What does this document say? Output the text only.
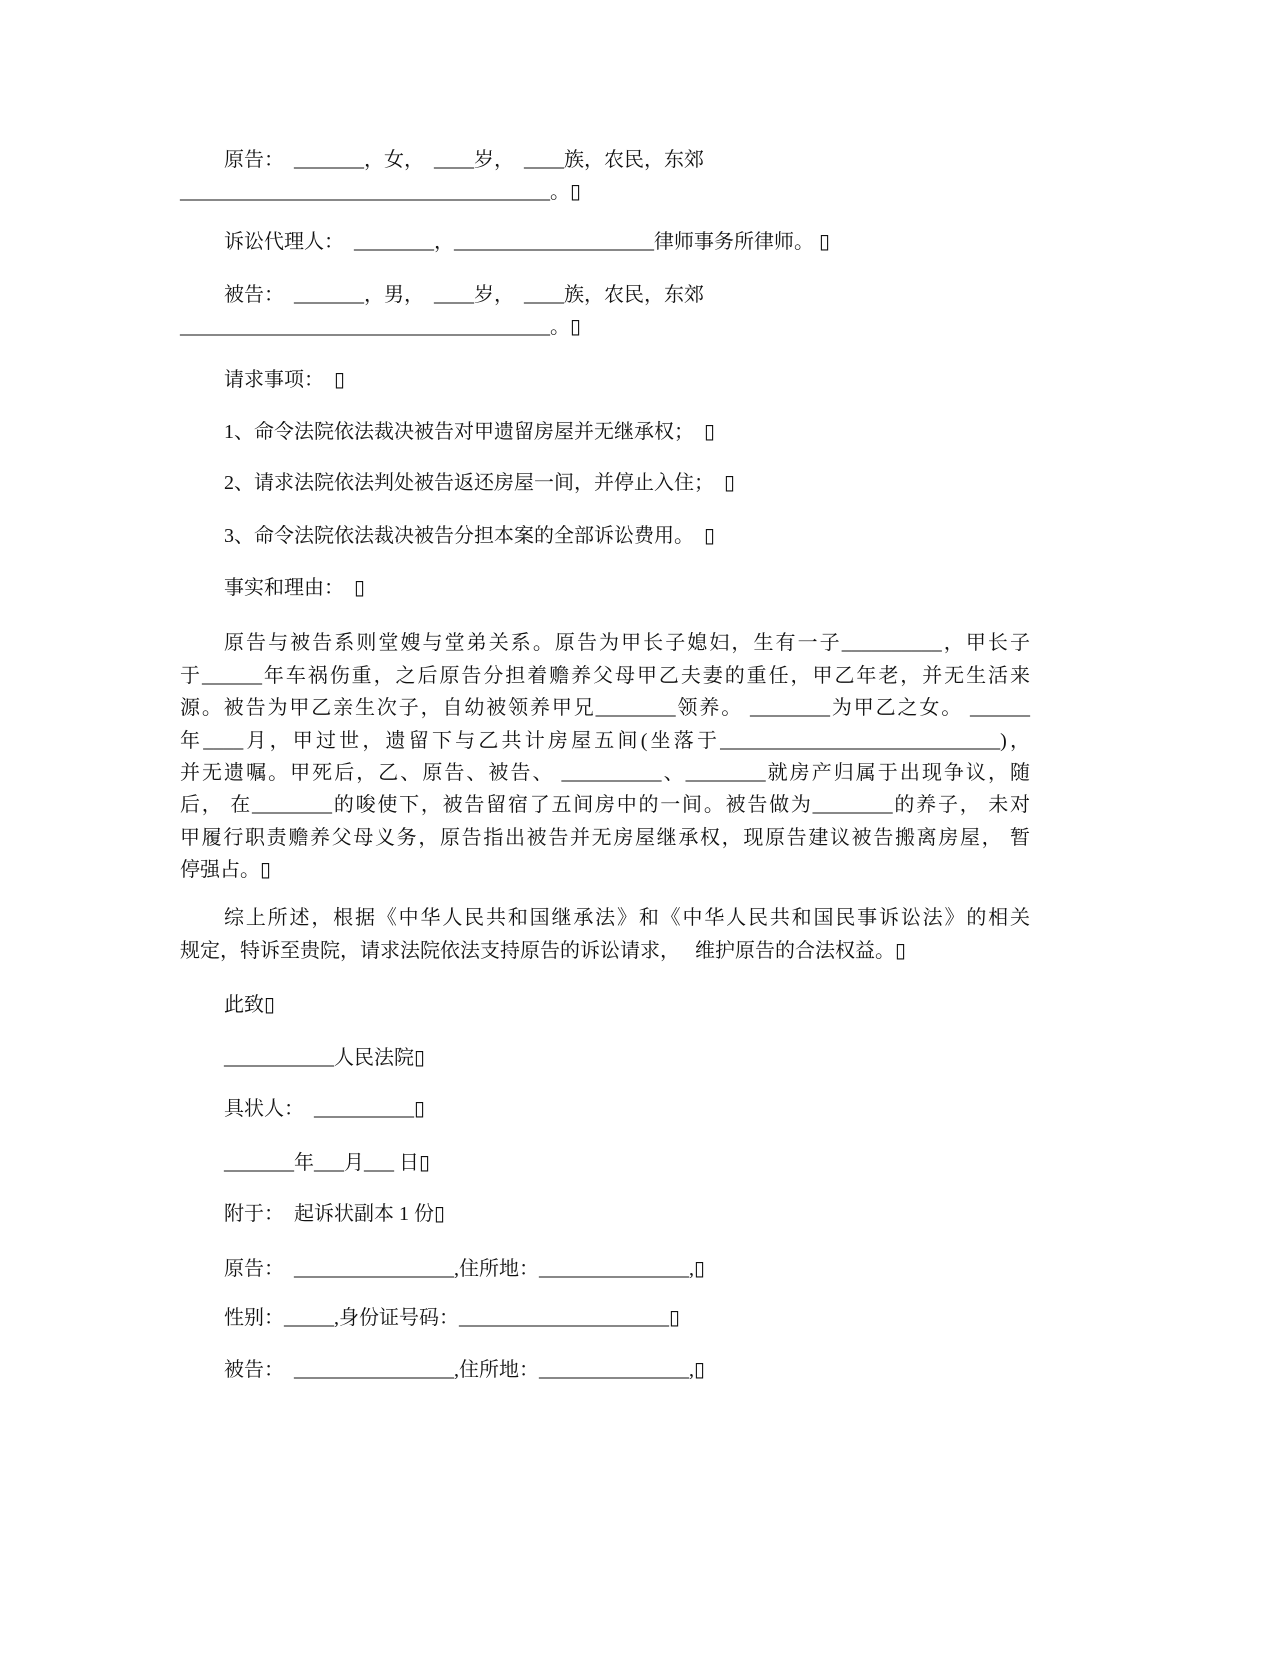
原告：　_______，女，　____岁，　____族，农民，东郊
_____________________________________。▯
诉讼代理人：　________，____________________律师事务所律师。 ▯
被告：　_______，男，　____岁，　____族，农民，东郊
_____________________________________。▯
请求事项：  ▯
1、命令法院依法裁决被告对甲遗留房屋并无继承权；  ▯
2、请求法院依法判处被告返还房屋一间，并停止入住；  ▯
3、命令法院依法裁决被告分担本案的全部诉讼费用。  ▯
事实和理由：  ▯
原告与被告系则堂嫂与堂弟关系。原告为甲长子媳妇，生有一子__________，甲长子
于______年车祸伤重，之后原告分担着赡养父母甲乙夫妻的重任，甲乙年老，并无生活来
源。被告为甲乙亲生次子，自幼被领养甲兄________领养。 ________为甲乙之女。 ______
年____月，甲过世，遗留下与乙共计房屋五间(坐落于____________________________)，
并无遗嘱。甲死后，乙、原告、被告、 __________、________就房产归属于出现争议，随
后， 在________的唆使下，被告留宿了五间房中的一间。被告做为________的养子， 未对
甲履行职责赡养父母义务，原告指出被告并无房屋继承权，现原告建议被告搬离房屋， 暂
停强占。▯
综上所述，根据《中华人民共和国继承法》和《中华人民共和国民事诉讼法》的相关
规定，特诉至贵院，请求法院依法支持原告的诉讼请求，   维护原告的合法权益。▯
此致▯
___________人民法院▯
具状人：  __________▯
_______年___月___ 日▯
附于：  起诉状副本 1 份▯
原告：  ________________,住所地：_______________,▯
性别：_____,身份证号码：_____________________▯
被告：  ________________,住所地：_______________,▯
